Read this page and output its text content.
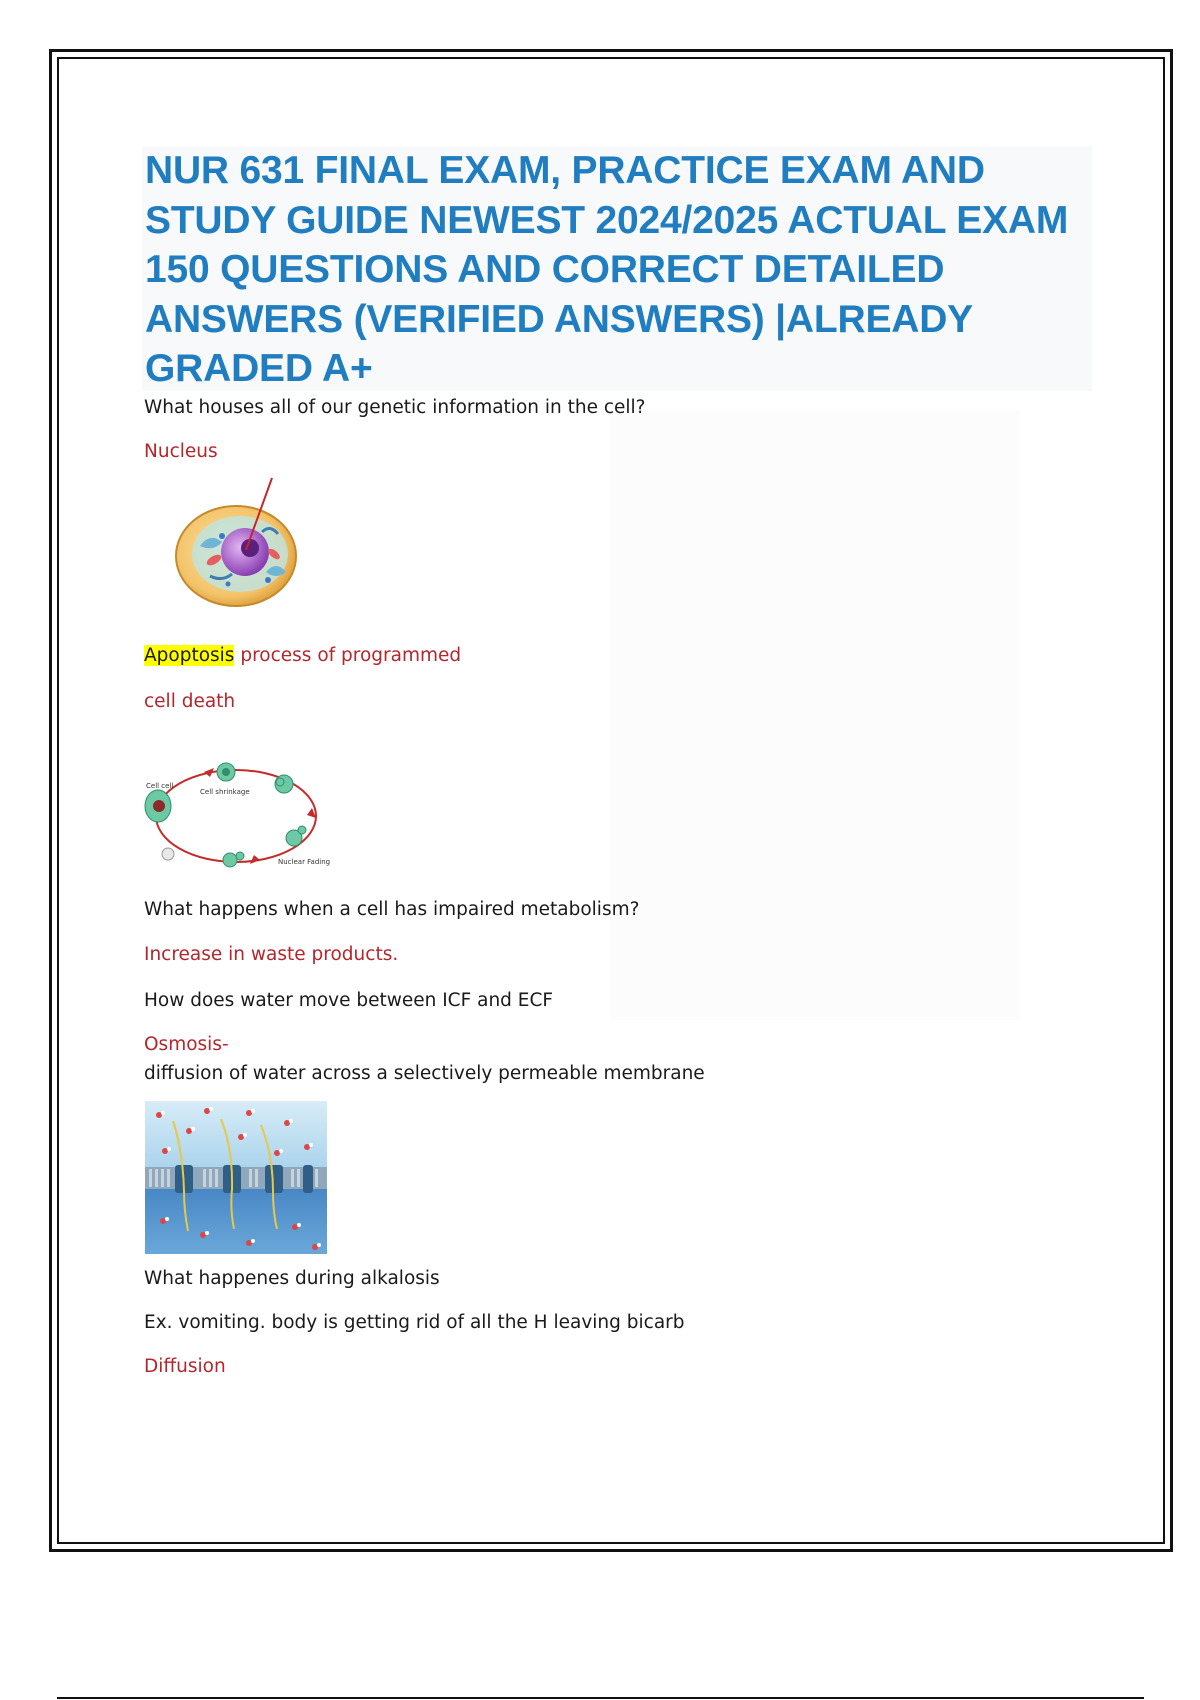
NUR 631 FINAL EXAM, PRACTICE EXAM AND STUDY GUIDE NEWEST 2024/2025 ACTUAL EXAM 150 QUESTIONS AND CORRECT DETAILED ANSWERS (VERIFIED ANSWERS) |ALREADY GRADED A+

What houses all of our genetic information in the cell?

Nucleus

Apoptosis process of programmed

cell death

Cell cell
Cell shrinkage
Nuclear Fading

What happens when a cell has impaired metabolism?

Increase in waste products.

How does water move between ICF and ECF

Osmosis-

diffusion of water across a selectively permeable membrane

What happenes during alkalosis

Ex. vomiting. body is getting rid of all the H leaving bicarb

Diffusion
